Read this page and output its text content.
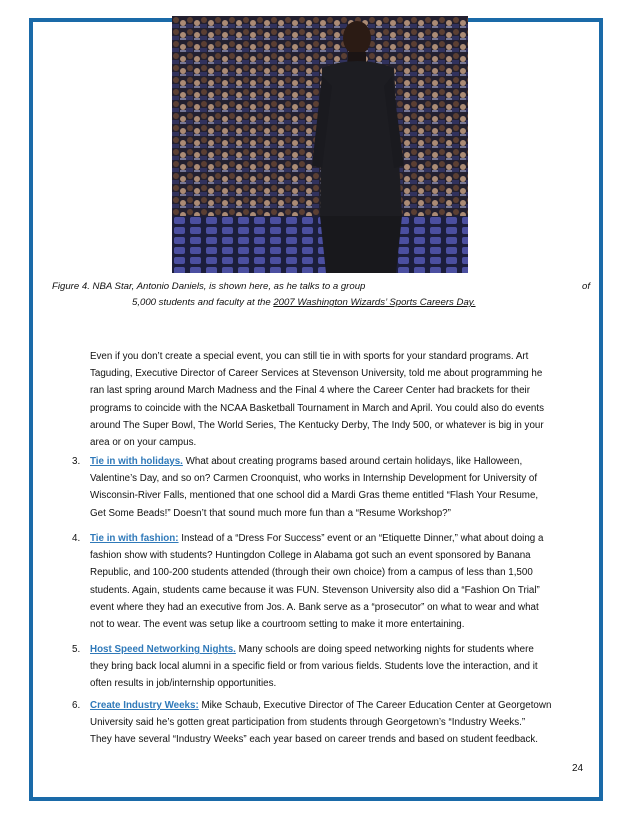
Figure 4. NBA Star, Antonio Daniels, is shown here, as he talks to a group	of
5,000 students and faculty at the 2007 Washington Wizards’ Sports Careers Day.
Even if you don’t create a special event, you can still tie in with sports for your standard programs. Art
Taguding, Executive Director of Career Services at Stevenson University, told me about programming he
ran last spring around March Madness and the Final 4 where the Career Center had brackets for their
programs to coincide with the NCAA Basketball Tournament in March and April. You could also do events
around The Super Bowl, The World Series, The Kentucky Derby, The Indy 500, or whatever is big in your
area or on your campus.
3. Tie in with holidays. What about creating programs based around certain holidays, like Halloween,
Valentine’s Day, and so on? Carmen Croonquist, who works in Internship Development for University of
Wisconsin-River Falls, mentioned that one school did a Mardi Gras theme entitled “Flash Your Resume,
Get Some Beads!” Doesn’t that sound much more fun than a “Resume Workshop?”
4. Tie in with fashion: Instead of a “Dress For Success” event or an “Etiquette Dinner,” what about doing a
fashion show with students? Huntingdon College in Alabama got such an event sponsored by Banana
Republic, and 100-200 students attended (through their own choice) from a campus of less than 1,500
students. Again, students came because it was FUN. Stevenson University also did a “Fashion On Trial”
event where they had an executive from Jos. A. Bank serve as a “prosecutor” on what to wear and what
not to wear. The event was setup like a courtroom setting to make it more entertaining.
5. Host Speed Networking Nights. Many schools are doing speed networking nights for students where
they bring back local alumni in a specific field or from various fields. Students love the interaction, and it
often results in job/internship opportunities.
6. Create Industry Weeks: Mike Schaub, Executive Director of The Career Education Center at Georgetown
University said he’s gotten great participation from students through Georgetown’s “Industry Weeks.”
They have several “Industry Weeks” each year based on career trends and based on student feedback.
24
